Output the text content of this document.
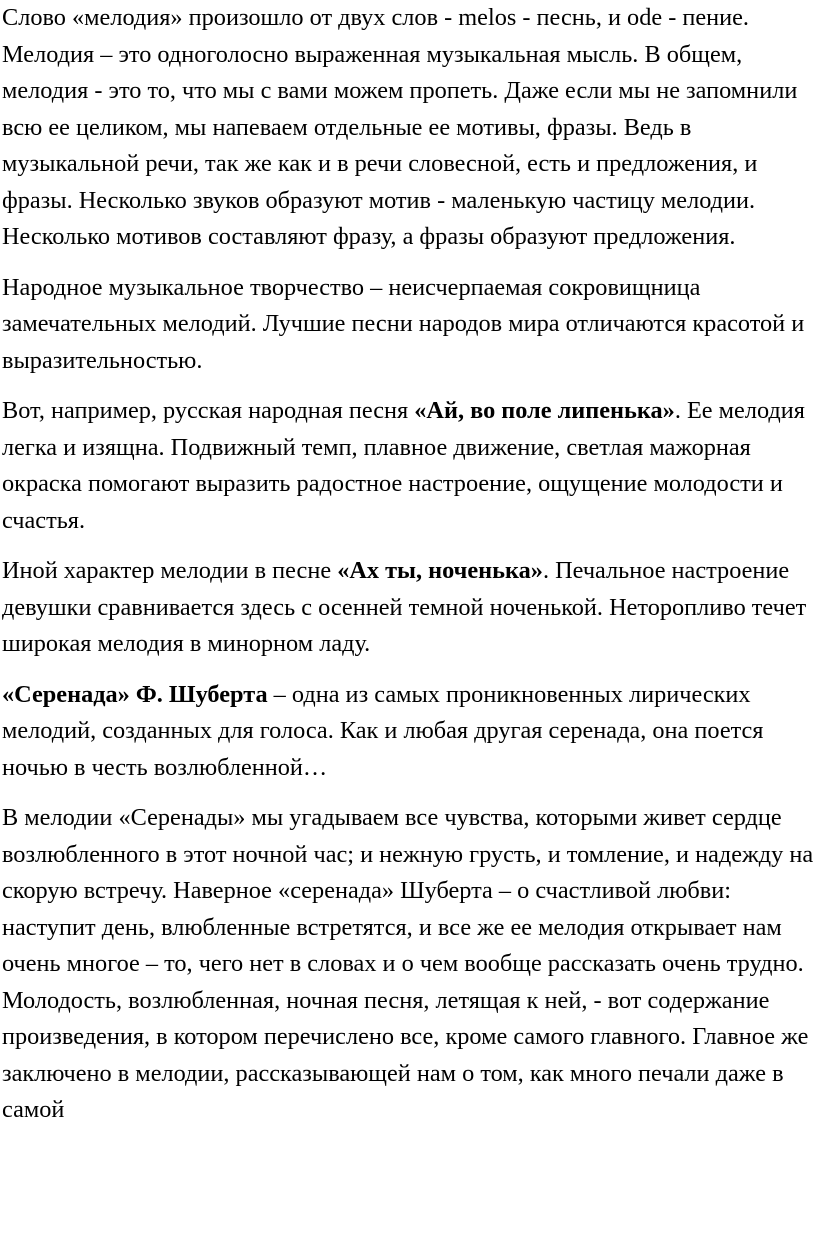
Слово «мелодия» произошло от двух слов - melos - песнь, и ode - пение. Мелодия – это одноголосно выраженная музыкальная мысль. В общем, мелодия - это то, что мы с вами можем пропеть. Даже если мы не запомнили всю ее целиком, мы напеваем отдельные ее мотивы, фразы. Ведь в музыкальной речи, так же как и в речи словесной, есть и предложения, и фразы. Несколько звуков образуют мотив - маленькую частицу мелодии. Несколько мотивов составляют фразу, а фразы образуют предложения.

Народное музыкальное творчество – неисчерпаемая сокровищница замечательных мелодий. Лучшие песни народов мира отличаются красотой и выразительностью.

Вот, например, русская народная песня «Ай, во поле липенька». Ее мелодия легка и изящна. Подвижный темп, плавное движение, светлая мажорная окраска помогают выразить радостное настроение, ощущение молодости и счастья.

Иной характер мелодии в песне «Ах ты, ноченька». Печальное настроение девушки сравнивается здесь с осенней темной ноченькой. Неторопливо течет широкая мелодия в минорном ладу.

«Серенада» Ф. Шуберта – одна из самых проникновенных лирических мелодий, созданных для голоса. Как и любая другая серенада, она поется ночью в честь возлюбленной…

В мелодии «Серенады» мы угадываем все чувства, которыми живет сердце возлюбленного в этот ночной час; и нежную грусть, и томление, и надежду на скорую встречу. Наверное «серенада» Шуберта – о счастливой любви: наступит день, влюбленные встретятся, и все же ее мелодия открывает нам очень многое – то, чего нет в словах и о чем вообще рассказать очень трудно. Молодость, возлюбленная, ночная песня, летящая к ней, - вот содержание произведения, в котором перечислено все, кроме самого главного. Главное же заключено в мелодии, рассказывающей нам о том, как много печали даже в самой
